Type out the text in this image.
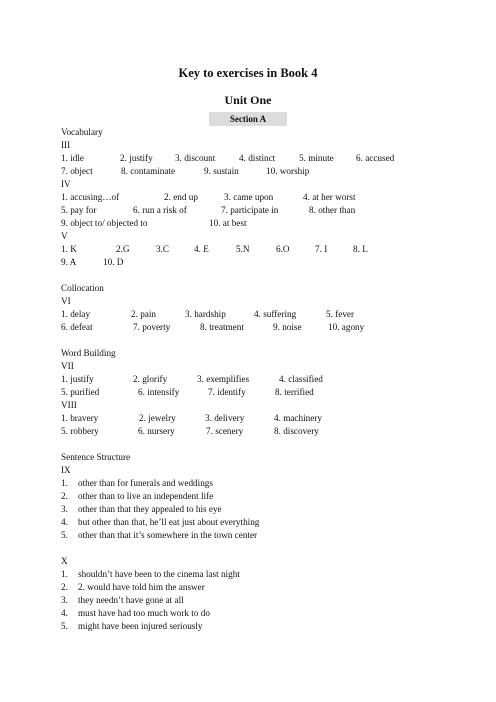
Key to exercises in Book 4
Unit One
Section A
Vocabulary
III
1. idle	2. justify 3. discount	4. distinct	5. minute 6. accused
7. object	8. contaminate	9. sustain	10. worship
IV
1. accusing…of	2. end up	3. came upon	4. at her worst
5. pay for	6. run a risk of	7. participate in	8. other than
9. object to/ objected to	10. at best
V
1. K	2.G	3.C	4. E	5.N	6.O	7. I	8. L
9. A	10. D
Collocation
VI
1. delay	2. pain	3. hardship	4. suffering	5. fever
6. defeat	7. poverty	8. treatment	9. noise	10. agony
Word Building
VII
1. justify	2. glorify	3. exemplifies	4. classified
5. purified	6. intensify	7. identify	8. terrified
VIII
1. bravery	2. jewelry	3. delivery	4. machinery
5. robbery	6. nursery	7. scenery	8. discovery
Sentence Structure
IX
1. other than for funerals and weddings
2. other than to live an independent life
3. other than that they appealed to his eye
4. but other than that, he’ll eat just about everything
5. other than that it’s somewhere in the town center
X
1. shouldn’t have been to the cinema last night
2. 2. would have told him the answer
3. they needn’t have gone at all
4. must have had too much work to do
5. might have been injured seriously
